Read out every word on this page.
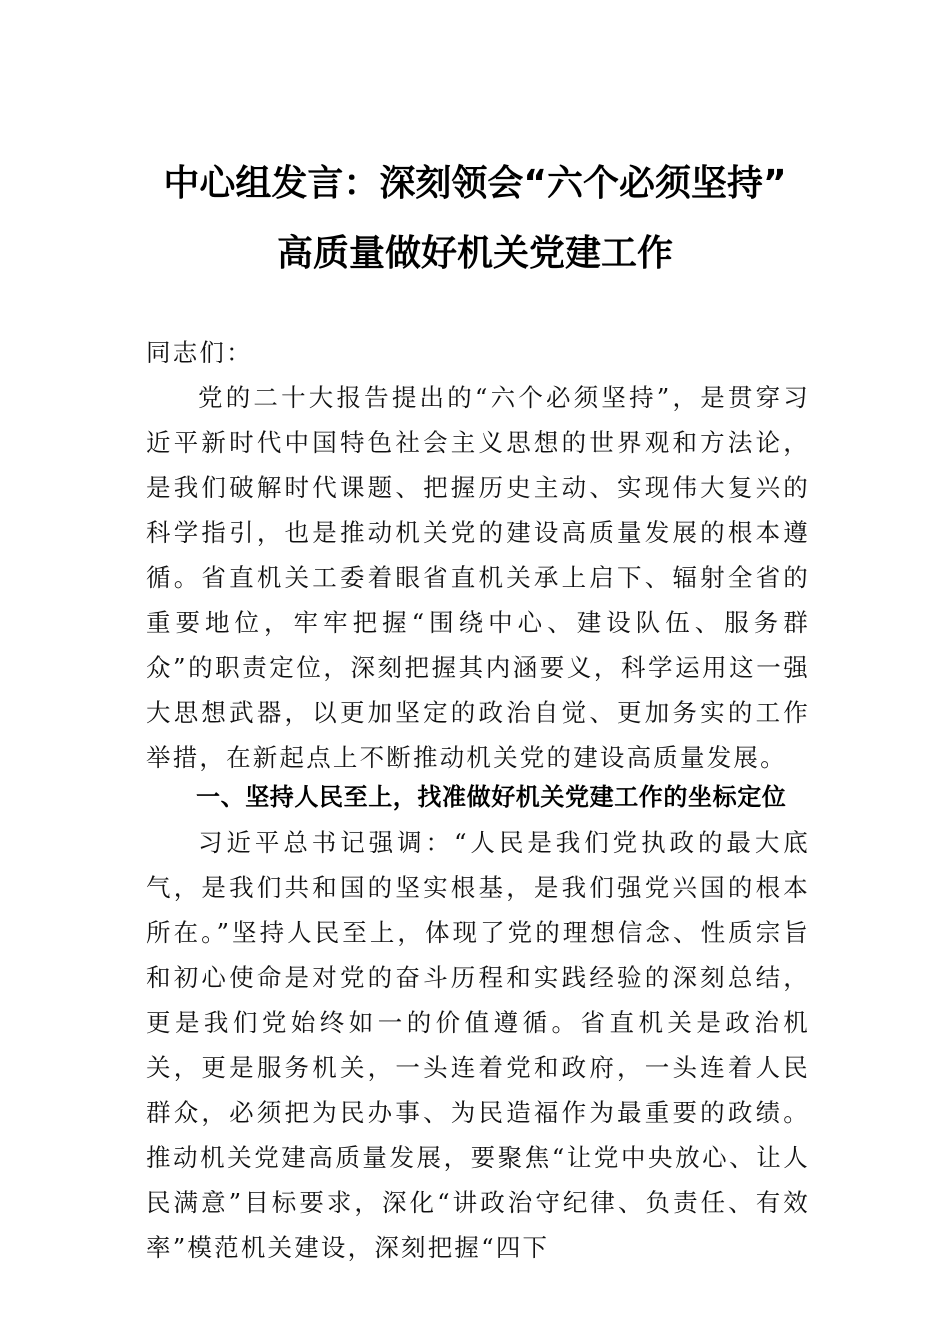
中心组发言：深刻领会“六个必须坚持”
高质量做好机关党建工作
同志们：
党的二十大报告提出的“六个必须坚持”，是贯穿习近平新时代中国特色社会主义思想的世界观和方法论，是我们破解时代课题、把握历史主动、实现伟大复兴的科学指引，也是推动机关党的建设高质量发展的根本遵循。省直机关工委着眼省直机关承上启下、辐射全省的重要地位，牢牢把握“围绕中心、建设队伍、服务群众”的职责定位，深刻把握其内涵要义，科学运用这一强大思想武器，以更加坚定的政治自觉、更加务实的工作举措，在新起点上不断推动机关党的建设高质量发展。
一、坚持人民至上，找准做好机关党建工作的坐标定位
习近平总书记强调：“人民是我们党执政的最大底气，是我们共和国的坚实根基，是我们强党兴国的根本所在。”坚持人民至上，体现了党的理想信念、性质宗旨和初心使命是对党的奋斗历程和实践经验的深刻总结，更是我们党始终如一的价值遵循。省直机关是政治机关，更是服务机关，一头连着党和政府，一头连着人民群众，必须把为民办事、为民造福作为最重要的政绩。推动机关党建高质量发展，要聚焦“让党中央放心、让人民满意”目标要求，深化“讲政治守纪律、负责任、有效率”模范机关建设，深刻把握“四下
